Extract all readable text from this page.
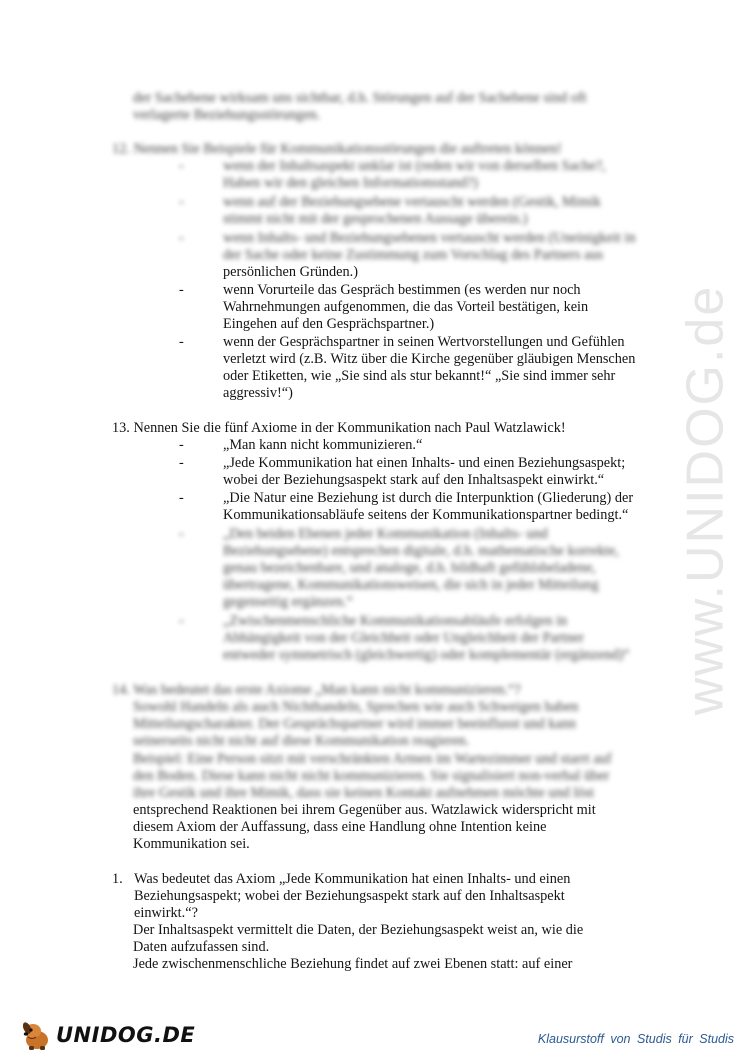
www.UNIDOG.de
der Sachebene wirksam uns sichtbar, d.h. Störungen auf der Sachebene sind oft
verlagerte Beziehungsstörungen.
12. Nennen Sie Beispiele für Kommunikationsstörungen die auftreten können!
-	wenn der Inhaltsaspekt unklar ist (reden wir von derselben Sache?,
Haben wir den gleichen Informationsstand?)
-	wenn auf der Beziehungsebene vertauscht werden (Gestik, Mimik
stimmt nicht mit der gesprochenen Aussage überein.)
-	wenn Inhalts- und Beziehungsebenen vertauscht werden (Uneinigkeit in
der Sache oder keine Zustimmung zum Vorschlag des Partners aus
persönlichen Gründen.)
-	wenn Vorurteile das Gespräch bestimmen (es werden nur noch
Wahrnehmungen aufgenommen, die das Vorteil bestätigen, kein
Eingehen auf den Gesprächspartner.)
-	wenn der Gesprächspartner in seinen Wertvorstellungen und Gefühlen
verletzt wird (z.B. Witz über die Kirche gegenüber gläubigen Menschen
oder Etiketten, wie „Sie sind als stur bekannt!“ „Sie sind immer sehr
aggressiv!“)
13. Nennen Sie die fünf Axiome in der Kommunikation nach Paul Watzlawick!
-	„Man kann nicht kommunizieren.“
-	„Jede Kommunikation hat einen Inhalts- und einen Beziehungsaspekt;
wobei der Beziehungsaspekt stark auf den Inhaltsaspekt einwirkt.“
-	„Die Natur eine Beziehung ist durch die Interpunktion (Gliederung) der
Kommunikationsabläufe seitens der Kommunikationspartner bedingt.“
-	„Den beiden Ebenen jeder Kommunikation (Inhalts- und
Beziehungsebene) entsprechen digitale, d.h. mathematische korrekte,
genau bezeichenbare, und analoge, d.h. bildhaft gefühlsbeladene,
übertragene, Kommunikationsweisen, die sich in jeder Mitteilung
gegenseitig ergänzen.“
-	„Zwischenmenschliche Kommunikationsabläufe erfolgen in
Abhängigkeit von der Gleichheit oder Ungleichheit der Partner
entweder symmetrisch (gleichwertig) oder komplementär (ergänzend)“
14. Was bedeutet das erste Axiome „Man kann nicht kommunizieren.“?
Sowohl Handeln als auch Nichthandeln, Sprechen wie auch Schweigen haben
Mitteilungscharakter. Der Gesprächspartner wird immer beeinflusst und kann
seinerseits nicht nicht auf diese Kommunikation reagieren.
Beispiel: Eine Person sitzt mit verschränkten Armen im Wartezimmer und starrt auf
den Boden. Diese kann nicht nicht kommunizieren. Sie signalisiert non-verbal über
ihre Gestik und ihre Mimik, dass sie keinen Kontakt aufnehmen möchte und löst
entsprechend Reaktionen bei ihrem Gegenüber aus. Watzlawick widerspricht mit
diesem Axiom der Auffassung, dass eine Handlung ohne Intention keine
Kommunikation sei.
1. Was bedeutet das Axiom „Jede Kommunikation hat einen Inhalts- und einen
Beziehungsaspekt; wobei der Beziehungsaspekt stark auf den Inhaltsaspekt
einwirkt.“?
Der Inhaltsaspekt vermittelt die Daten, der Beziehungsaspekt weist an, wie die
Daten aufzufassen sind.
Jede zwischenmenschliche Beziehung findet auf zwei Ebenen statt: auf einer
UNIDOG.DE	Klausurstoff von Studis für Studis
